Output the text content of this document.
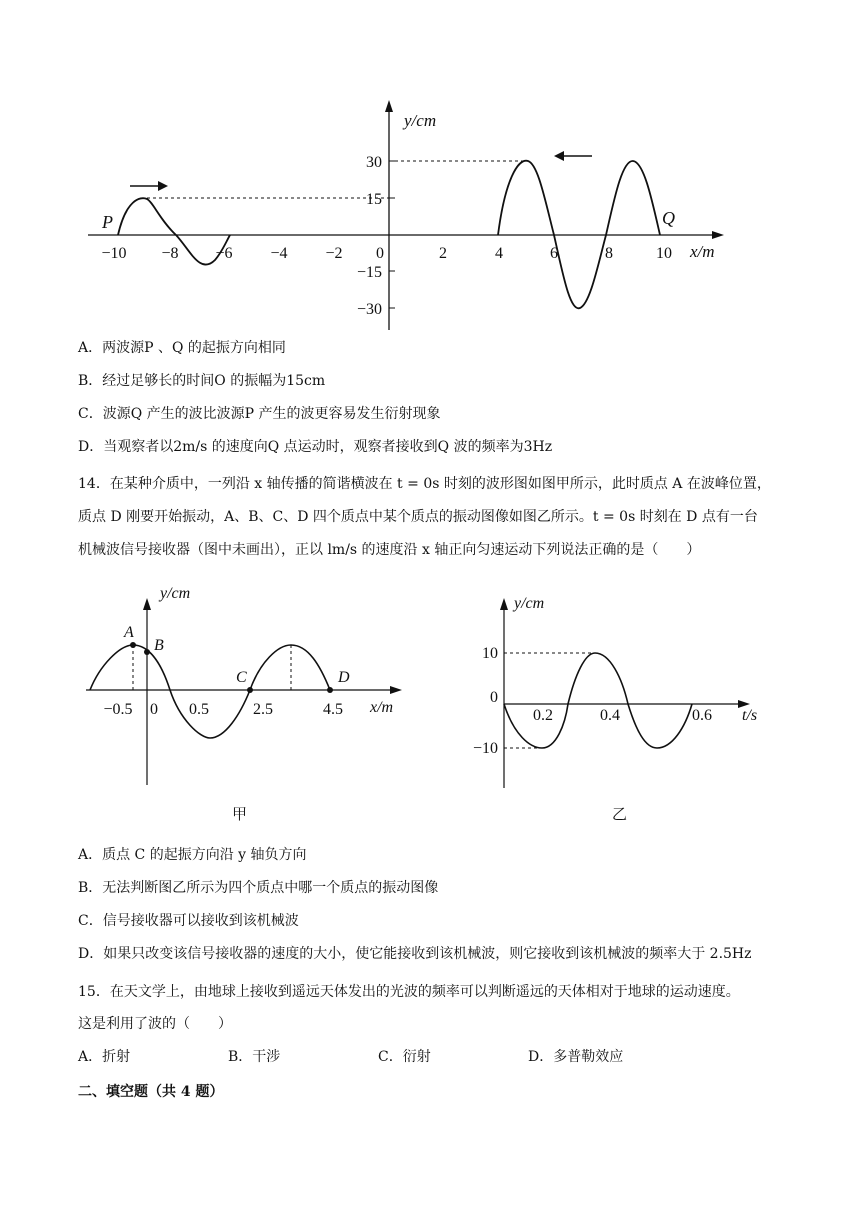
y/cm
x/m
P	Q
−10 −8 −6 −4 −2 0	2	4	6	8	10
30
15
−15
−30
A．两波源P 、Q 的起振方向相同
B．经过足够长的时间O 的振幅为15cm
C．波源Q 产生的波比波源P 产生的波更容易发生衍射现象
D．当观察者以2m/s 的速度向Q 点运动时，观察者接收到Q 波的频率为3Hz
14．在某种介质中，一列沿 x 轴传播的简谐横波在 t = 0s 时刻的波形图如图甲所示，此时质点 A 在波峰位置，
质点 D 刚要开始振动，A、B、C、D 四个质点中某个质点的振动图像如图乙所示。t = 0s 时刻在 D 点有一台
机械波信号接收器（图中未画出），正以 lm/s 的速度沿 x 轴正向匀速运动下列说法正确的是（　　）
y/cm
x/m
A
B
C	D
−0.5 0 0.5	2.5	4.5
甲
y/cm
t/s
10
0
−10
0.2	0.4	0.6
乙
A．质点 C 的起振方向沿 y 轴负方向
B．无法判断图乙所示为四个质点中哪一个质点的振动图像
C．信号接收器可以接收到该机械波
D．如果只改变该信号接收器的速度的大小，使它能接收到该机械波，则它接收到该机械波的频率大于 2.5Hz
15．在天文学上，由地球上接收到遥远天体发出的光波的频率可以判断遥远的天体相对于地球的运动速度。
这是利用了波的（　　）
A．折射	B．干涉	C．衍射	D．多普勒效应
二、填空题（共 4 题）
